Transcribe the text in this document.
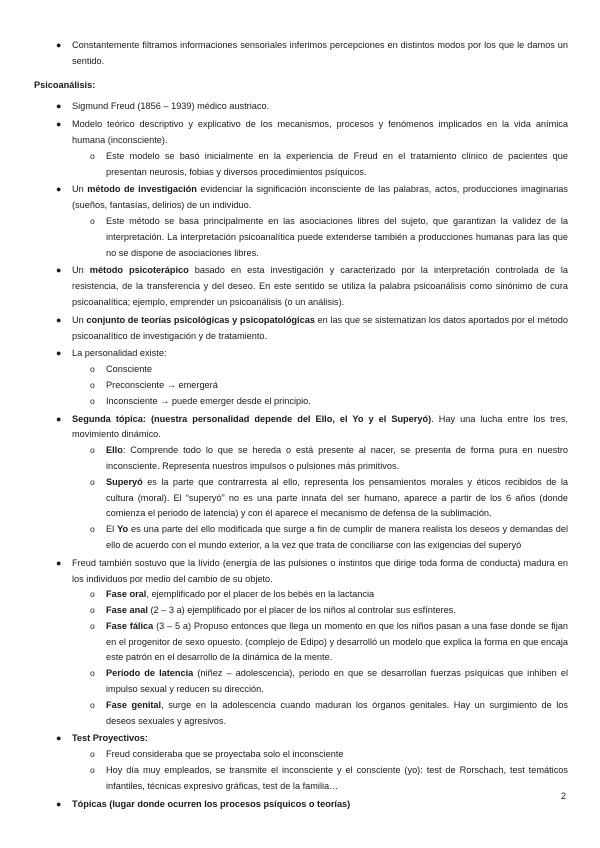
● Constantemente filtramos informaciones sensoriales inferimos percepciones en distintos modos por los que le damos un sentido.
Psicoanálisis:
● Sigmund Freud (1856 – 1939) médico austriaco.
● Modelo teórico descriptivo y explicativo de los mecanismos, procesos y fenómenos implicados en la vida anímica humana (inconsciente).
o Este modelo se basó inicialmente en la experiencia de Freud en el tratamiento clínico de pacientes que presentan neurosis, fobias y diversos procedimientos psíquicos.
● Un método de investigación evidenciar la significación inconsciente de las palabras, actos, producciones imaginarias (sueños, fantasías, delirios) de un individuo.
o Este método se basa principalmente en las asociaciones libres del sujeto, que garantizan la validez de la interpretación. La interpretación psicoanalítica puede extenderse también a producciones humanas para las que no se dispone de asociaciones libres.
● Un método psicoterápico basado en esta investigación y caracterizado por la interpretación controlada de la resistencia, de la transferencia y del deseo. En este sentido se utiliza la palabra psicoanálisis como sinónimo de cura psicoanalítica; ejemplo, emprender un psicoanálisis (o un análisis).
● Un conjunto de teorías psicológicas y psicopatológicas en las que se sistematizan los datos aportados por el método psicoanalítico de investigación y de tratamiento.
● La personalidad existe:
o Consciente
o Preconsciente → emergerá
o Inconsciente → puede emerger desde el principio.
● Segunda tópica: (nuestra personalidad depende del Ello, el Yo y el Superyó). Hay una lucha entre los tres, movimiento dinámico.
o Ello: Comprende todo lo que se hereda o está presente al nacer, se presenta de forma pura en nuestro inconsciente. Representa nuestros impulsos o pulsiones más primitivos.
o Superyó es la parte que contrarresta al ello, representa los pensamientos morales y éticos recibidos de la cultura (moral). El “superyó” no es una parte innata del ser humano, aparece a partir de los 6 años (donde comienza el periodo de latencia) y con él aparece el mecanismo de defensa de la sublimación.
o El Yo es una parte del ello modificada que surge a fin de cumplir de manera realista los deseos y demandas del ello de acuerdo con el mundo exterior, a la vez que trata de conciliarse con las exigencias del superyó
● Freud también sostuvo que la lívido (energía de las pulsiones o instintos que dirige toda forma de conducta) madura en los individuos por medio del cambio de su objeto.
o Fase oral, ejemplificado por el placer de los bebés en la lactancia
o Fase anal (2 – 3 a) ejemplificado por el placer de los niños al controlar sus esfínteres.
o Fase fálica (3 – 5 a) Propuso entonces que llega un momento en que los niños pasan a una fase donde se fijan en el progenitor de sexo opuesto. (complejo de Edipo) y desarrolló un modelo que explica la forma en que encaja este patrón en el desarrollo de la dinámica de la mente.
o Período de latencia (niñez – adolescencia), periodo en que se desarrollan fuerzas psíquicas que inhiben el impulso sexual y reducen su dirección.
o Fase genital, surge en la adolescencia cuando maduran los órganos genitales. Hay un surgimiento de los deseos sexuales y agresivos.
● Test Proyectivos:
o Freud consideraba que se proyectaba solo el inconsciente
o Hoy día muy empleados, se transmite el inconsciente y el consciente (yo): test de Rorschach, test temáticos infantiles, técnicas expresivo gráficas, test de la familia…
● Tópicas (lugar donde ocurren los procesos psíquicos o teorías)
2
